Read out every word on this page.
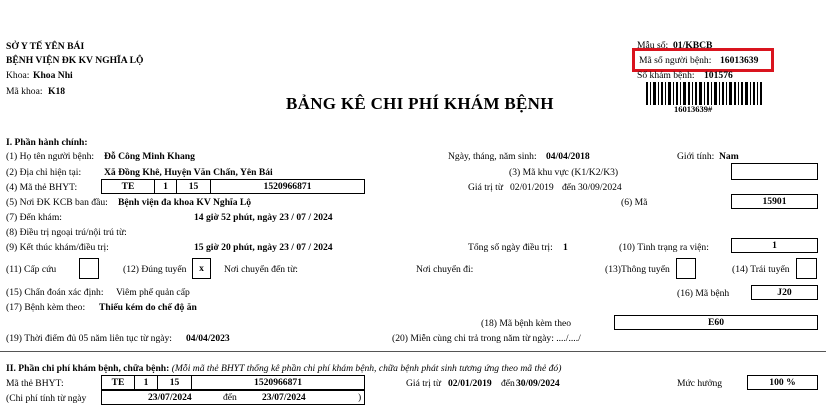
SỞ Y TẾ YÊN BÁI
BỆNH VIỆN ĐK KV NGHĨA LỘ
Khoa: Khoa Nhi
Mã khoa: K18
Mẫu số: 01/KBCB
Mã số người bệnh: 16013639
Số khám bệnh: 101576
16013639#
BẢNG KÊ CHI PHÍ KHÁM BỆNH
I. Phần hành chính:
(1) Họ tên người bệnh: Đỗ Công Minh Khang	Ngày, tháng, năm sinh: 04/04/2018	Giới tính: Nam
(2) Địa chỉ hiện tại: Xã Đồng Khê, Huyện Văn Chấn, Yên Bái	(3) Mã khu vực (K1/K2/K3)
(4) Mã thẻ BHYT:	TE	1	15	1520966871	Giá trị từ 02/01/2019 đến 30/09/2024
(5) Nơi ĐK KCB ban đầu: Bệnh viện đa khoa KV Nghĩa Lộ	(6) Mã	15901
(7) Đến khám:	14 giờ 52 phút, ngày 23 / 07 / 2024
(8) Điều trị ngoại trú/nội trú từ:
(9) Kết thúc khám/điều trị:	15 giờ 20 phút, ngày 23 / 07 / 2024	Tổng số ngày điều trị: 1	(10) Tình trạng ra viện:	1
(11) Cấp cứu	(12) Đúng tuyến	x	Nơi chuyển đến từ:	Nơi chuyển đi:	(13)Thông tuyến	(14) Trái tuyến
(15) Chẩn đoán xác định: Viêm phế quản cấp	(16) Mã bệnh	J20
(17) Bệnh kèm theo: Thiếu kém do chế độ ăn
(18) Mã bệnh kèm theo	E60
(19) Thời điểm đủ 05 năm liên tục từ ngày: 04/04/2023	(20) Miễn cùng chi trả trong năm từ ngày: ..../..../
II. Phần chi phí khám bệnh, chữa bệnh: (Mỗi mã thẻ BHYT thống kê phần chi phí khám bệnh, chữa bệnh phát sinh tương ứng theo mã thẻ đó)
Mã thẻ BHYT:	TE	1	15	1520966871	Giá trị từ 02/01/2019 đến 30/09/2024	Mức hưởng	100 %
(Chi phí tính từ ngày	23/07/2024	đến	23/07/2024	)
